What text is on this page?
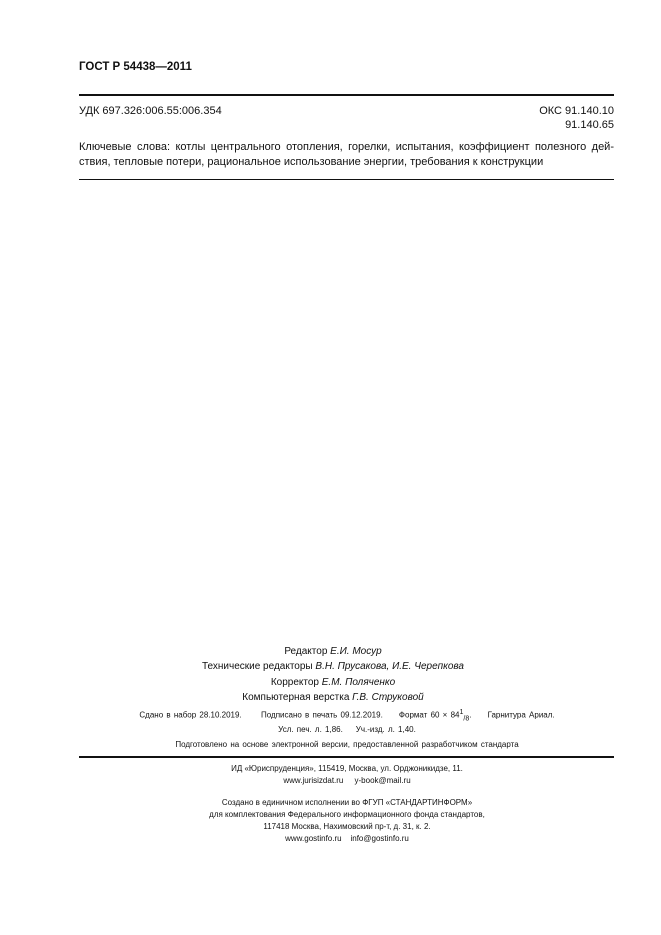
ГОСТ Р 54438—2011
УДК 697.326:006.55:006.354	ОКС 91.140.10
91.140.65
Ключевые слова: котлы центрального отопления, горелки, испытания, коэффициент полезного дей-
ствия, тепловые потери, рациональное использование энергии, требования к конструкции
Редактор Е.И. Мосур
Технические редакторы В.Н. Прусакова, И.Е. Черепкова
Корректор Е.М. Поляченко
Компьютерная верстка Г.В. Струковой
Сдано в набор 28.10.2019. Подписано в печать 09.12.2019. Формат $60 \times 84^1_{/8}$.     Гарнитура Ариал.
Усл. печ. л. 1,86. Уч.-изд. л. 1,40.
Подготовлено на основе электронной версии, предоставленной разработчиком стандарта
ИД «Юриспруденция», 115419, Москва, ул. Орджоникидзе, 11.
www.jurisizdat.ru y-book@mail.ru
Создано в единичном исполнении во ФГУП «СТАНДАРТИНФОРМ»
для комплектования Федерального информационного фонда стандартов,
117418 Москва, Нахимовский пр-т, д. 31, к. 2.
www.gostinfo.ru info@gostinfo.ru
